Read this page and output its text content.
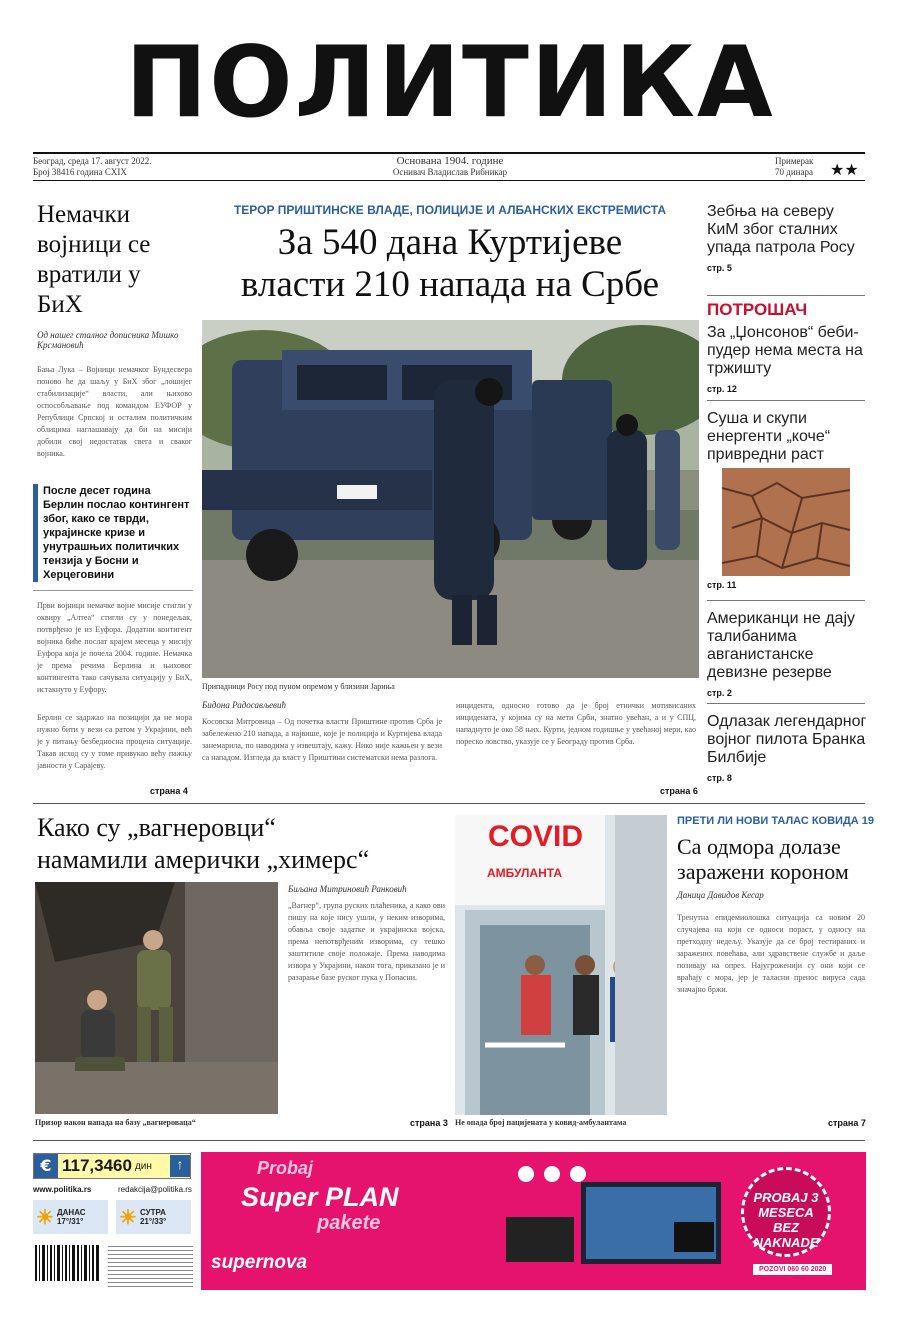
ПОЛИТИКА
Београд, среда 17. август 2022.
Број 38416 година CXIX
Основана 1904. године
Оснивач Владислав Рибникар
Примерак
70 динара ★★
Немачки војници се вратили у БиХ
Од нашег сталног дописника Мишко Крсмановић
Бања Лука – Војници немачког Бундесвера поново ће да шаљу у БиХ због „лошијег стабилизације“ власти, али њихово оспособљавање под командом ЕУФОР у Републици Српској и осталим политичким облицима наглашавају да би на мисији добили свој недостатак свега и сваког војника.
После десет година Берлин послао контингент због, како се тврди, украјинске кризе и унутрашњих политичких тензија у Босни и Херцеговини
Први војници немачке војне мисије стигли у оквиру „Алтеа“ стигли су у понедељак, потврђено је из Еуфора. Додатни контигент војника биће послат крајем месеца у мисију Еуфора која је почела 2004. године. Немачка је према речима Берлина и њиховог контингента тако сачувала ситуацију у БиХ, истакнуто у Еуфору.
Берлин се задржао на позицији да не мора нужно бити у вези са ратом у Украјини, већ је у питању безбедносна процена ситуације. Такав исход су у томе привукао већу пажњу јавности у Сарајеву.
страна 4
ТЕРОР ПРИШТИНСКЕ ВЛАДЕ, ПОЛИЦИЈЕ И АЛБАНСКИХ ЕКСТРЕМИСТА
За 540 дана Куртијеве
власти 210 напада на Србе
Припадници Росу под пуном опремом у близини Јариња
Бидона Радосављевић
Косовска Митровица – Од почетка власти Приштине против Срба је забележено 210 напада, а највише, које је полиција и Куртијева влада занемарила, по наводима у извештају, кажу. Нико није кажњен у вези са нападом. Изгледа да власт у Приштини систематски нема разлога.
инцидента, односно готово да је број етнички мотивисаних инцидената, у којима су на мети Срби, знатно увећан, а и у СПЦ, нападнуто је око 58 њих. Курти, једном годишње у увећаној мери, као пореско ловство, указује се у Београду против Срба.
страна 6
Зебња на северу КиМ због сталних упада патрола Росу
стр. 5
ПОТРОШАЧ
За „Џонсонов“ беби-пудер нема места на тржишту
стр. 12
Суша и скупи енергенти „коче“ привредни раст
стр. 11
Американци не дају талибанима авганистанске девизне резерве
стр. 2
Одлазак легендарног војног пилота Бранка Билбије
стр. 8
Како су „вагнеровци“
намамили амерички „химерс“
Призор након напада на базу „вагнероваца“
Биљана Митриновић Ранковић
„Вагнер“, група руских плаћеника, а како ови пишу на које нису ушли, у неким изворима, обавља своје задатке и украјинска војска, према непотврђеним изворима, су тешко заштитиле своје положаје. Према наводима извора у Украјини, након тога, приказано је и разарање базе руског пука у Попасни.
страна 3
COVID
АМБУЛАНТА
Не опада број пацијената у ковид-амбулантама
ПРЕТИ ЛИ НОВИ ТАЛАС КОВИДА 19
Са одмора долазе заражени короном
Даница Давидов Кесар
Тренутна епидемиолошка ситуација са новим 20 случајева на који се односи пораст, у односу на претходну недељу. Указује да се број тестираних и заражених повећава, али здравствене службе и даље позивају на опрез. Најугроженији су они који се враћају с мора, јер је таласни пренос вируса сада значајно бржи.
страна 7
€ 117,3460 дин	↑
www.politika.rs	redakcija@politika.rs
☀ ДАНАС
17°/31° ☀ СУТРА
21°/33°
Probaj
Super PLAN
pakete
supernova
PROBAJ 3 MESECA BEZ NAKNADE
POZOVI 060 60 2020
